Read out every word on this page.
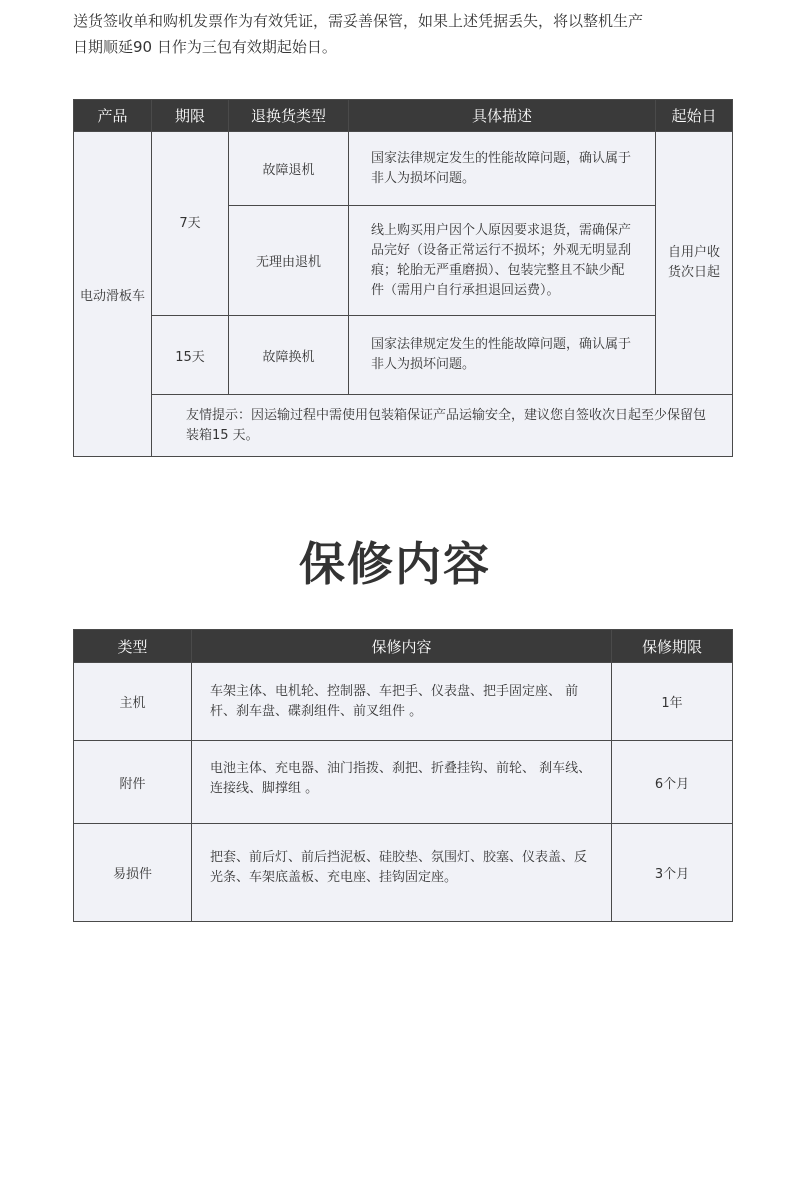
送货签收单和购机发票作为有效凭证，需妥善保管，如果上述凭据丢失，将以整机生产
日期顺延90 日作为三包有效期起始日。
产品	期限	退换货类型	具体描述	起始日
电动滑板车	7天	故障退机	国家法律规定发生的性能故障问题，确认属于非人为损坏问题。	自用户收货次日起
		无理由退机	线上购买用户因个人原因要求退货，需确保产品完好（设备正常运行不损坏；外观无明显刮痕；轮胎无严重磨损）、包装完整且不缺少配件（需用户自行承担退回运费）。	
	15天	故障换机	国家法律规定发生的性能故障问题，确认属于非人为损坏问题。	
	友情提示：因运输过程中需使用包装箱保证产品运输安全，建议您自签收次日起至少保留包装箱15 天。			
保修内容
类型	保修内容	保修期限
主机	车架主体、电机轮、控制器、车把手、仪表盘、把手固定座、 前杆、刹车盘、碟刹组件、前叉组件 。	1年
附件	电池主体、充电器、油门指拨、刹把、折叠挂钩、前轮、 刹车线、 连接线、脚撑组 。	6个月
易损件	把套、前后灯、前后挡泥板、硅胶垫、氛围灯、胶塞、仪表盖、反光条、车架底盖板、充电座、挂钩固定座。	3个月
